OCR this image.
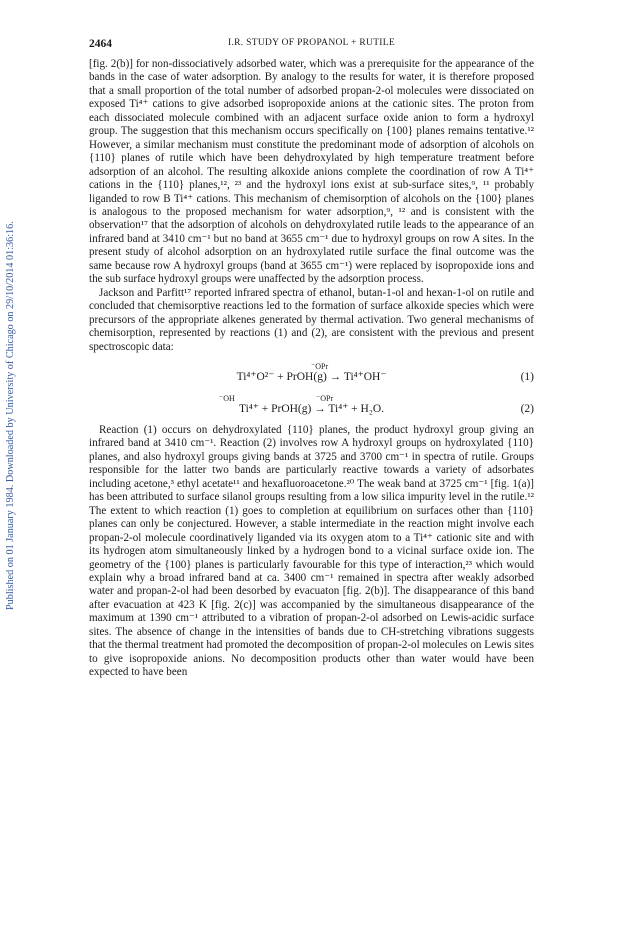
Published on 01 January 1984. Downloaded by University of Chicago on 29/10/2014 01:36:16.
2464	I.R. STUDY OF PROPANOL + RUTILE

[fig. 2(b)] for non-dissociatively adsorbed water, which was a prerequisite for the appearance of the bands in the case of water adsorption. By analogy to the results for water, it is therefore proposed that a small proportion of the total number of adsorbed propan-2-ol molecules were dissociated on exposed Ti⁴⁺ cations to give adsorbed isopropoxide anions at the cationic sites. The proton from each dissociated molecule combined with an adjacent surface oxide anion to form a hydroxyl group. The suggestion that this mechanism occurs specifically on {100} planes remains tentative.¹² However, a similar mechanism must constitute the predominant mode of adsorption of alcohols on {110} planes of rutile which have been dehydroxylated by high temperature treatment before adsorption of an alcohol. The resulting alkoxide anions complete the coordination of row A Ti⁴⁺ cations in the {110} planes,¹², ²³ and the hydroxyl ions exist at sub-surface sites,⁹, ¹¹ probably liganded to row B Ti⁴⁺ cations. This mechanism of chemisorption of alcohols on the {100} planes is analogous to the proposed mechanism for water adsorption,⁹, ¹² and is consistent with the observation¹⁷ that the adsorption of alcohols on dehydroxylated rutile leads to the appearance of an infrared band at 3410 cm⁻¹ but no band at 3655 cm⁻¹ due to hydroxyl groups on row A sites. In the present study of alcohol adsorption on an hydroxylated rutile surface the final outcome was the same because row A hydroxyl groups (band at 3655 cm⁻¹) were replaced by isopropoxide ions and the sub surface hydroxyl groups were unaffected by the adsorption process.

Jackson and Parfitt¹⁷ reported infrared spectra of ethanol, butan-1-ol and hexan-1-ol on rutile and concluded that chemisorptive reactions led to the formation of surface alkoxide species which were precursors of the appropriate alkenes generated by thermal activation. Two general mechanisms of chemisorption, represented by reactions (1) and (2), are consistent with the previous and present spectroscopic data:

⁻OPr
Ti⁴⁺O²⁻ + PrOH(g) → Ti⁴⁺OH⁻	(1)
⁻OH	⁻OPr
Ti⁴⁺ + PrOH(g) → Ti⁴⁺ + H₂O.	(2)

Reaction (1) occurs on dehydroxylated {110} planes, the product hydroxyl group giving an infrared band at 3410 cm⁻¹. Reaction (2) involves row A hydroxyl groups on hydroxylated {110} planes, and also hydroxyl groups giving bands at 3725 and 3700 cm⁻¹ in spectra of rutile. Groups responsible for the latter two bands are particularly reactive towards a variety of adsorbates including acetone,³ ethyl acetate¹¹ and hexafluoroacetone.²⁰ The weak band at 3725 cm⁻¹ [fig. 1(a)] has been attributed to surface silanol groups resulting from a low silica impurity level in the rutile.¹² The extent to which reaction (1) goes to completion at equilibrium on surfaces other than {110} planes can only be conjectured. However, a stable intermediate in the reaction might involve each propan-2-ol molecule coordinatively liganded via its oxygen atom to a Ti⁴⁺ cationic site and with its hydrogen atom simultaneously linked by a hydrogen bond to a vicinal surface oxide ion. The geometry of the {100} planes is particularly favourable for this type of interaction,²³ which would explain why a broad infrared band at ca. 3400 cm⁻¹ remained in spectra after weakly adsorbed water and propan-2-ol had been desorbed by evacuaton [fig. 2(b)]. The disappearance of this band after evacuation at 423 K [fig. 2(c)] was accompanied by the simultaneous disappearance of the maximum at 1390 cm⁻¹ attributed to a vibration of propan-2-ol adsorbed on Lewis-acidic surface sites. The absence of change in the intensities of bands due to CH-stretching vibrations suggests that the thermal treatment had promoted the decomposition of propan-2-ol molecules on Lewis sites to give isopropoxide anions. No decomposition products other than water would have been expected to have been
